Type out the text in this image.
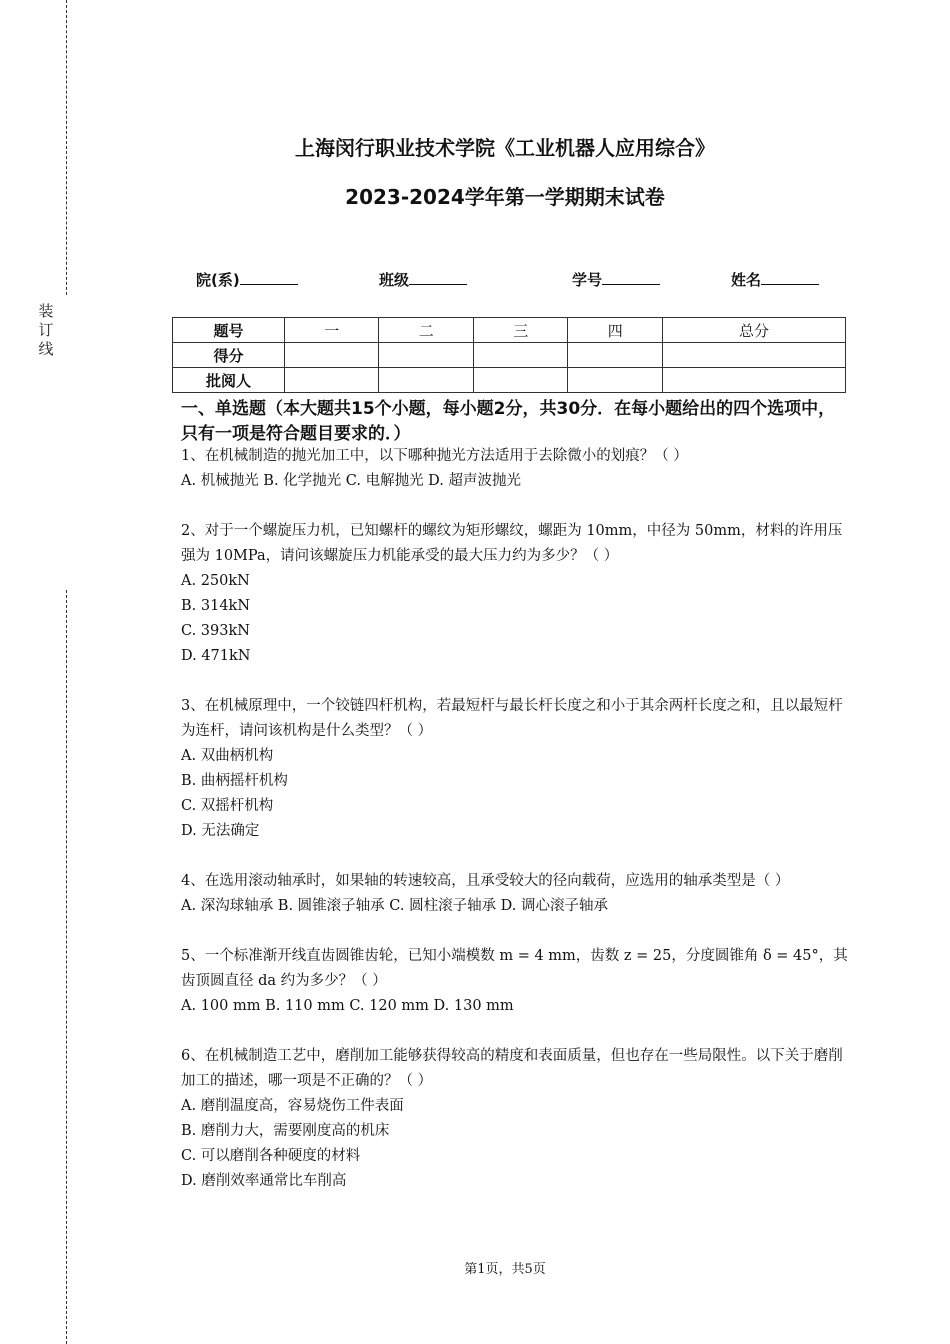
装
订
线
上海闵行职业技术学院《工业机器人应用综合》
2023-2024学年第一学期期末试卷
院(系)	班级	学号	姓名
题号	一	二	三	四	总分
得分					
批阅人					
一、单选题（本大题共15个小题，每小题2分，共30分．在每小题给出的四个选项中，只有一项是符合题目要求的．）

1、在机械制造的抛光加工中，以下哪种抛光方法适用于去除微小的划痕？（ ）

A. 机械抛光 B. 化学抛光 C. 电解抛光 D. 超声波抛光

2、对于一个螺旋压力机，已知螺杆的螺纹为矩形螺纹，螺距为 10mm，中径为 50mm，材料的许用压强为 10MPa，请问该螺旋压力机能承受的最大压力约为多少？（ ）

A. 250kN

B. 314kN

C. 393kN

D. 471kN

3、在机械原理中，一个铰链四杆机构，若最短杆与最长杆长度之和小于其余两杆长度之和，且以最短杆为连杆，请问该机构是什么类型？（ ）

A. 双曲柄机构

B. 曲柄摇杆机构

C. 双摇杆机构

D. 无法确定

4、在选用滚动轴承时，如果轴的转速较高，且承受较大的径向载荷，应选用的轴承类型是（ ）

A. 深沟球轴承 B. 圆锥滚子轴承 C. 圆柱滚子轴承 D. 调心滚子轴承

5、一个标准渐开线直齿圆锥齿轮，已知小端模数 m = 4 mm，齿数 z = 25，分度圆锥角 δ = 45°，其齿顶圆直径 da 约为多少？（ ）

A. 100 mm B. 110 mm C. 120 mm D. 130 mm

6、在机械制造工艺中，磨削加工能够获得较高的精度和表面质量，但也存在一些局限性。以下关于磨削加工的描述，哪一项是不正确的？（ ）

A. 磨削温度高，容易烧伤工件表面

B. 磨削力大，需要刚度高的机床

C. 可以磨削各种硬度的材料

D. 磨削效率通常比车削高

第1页，共5页
